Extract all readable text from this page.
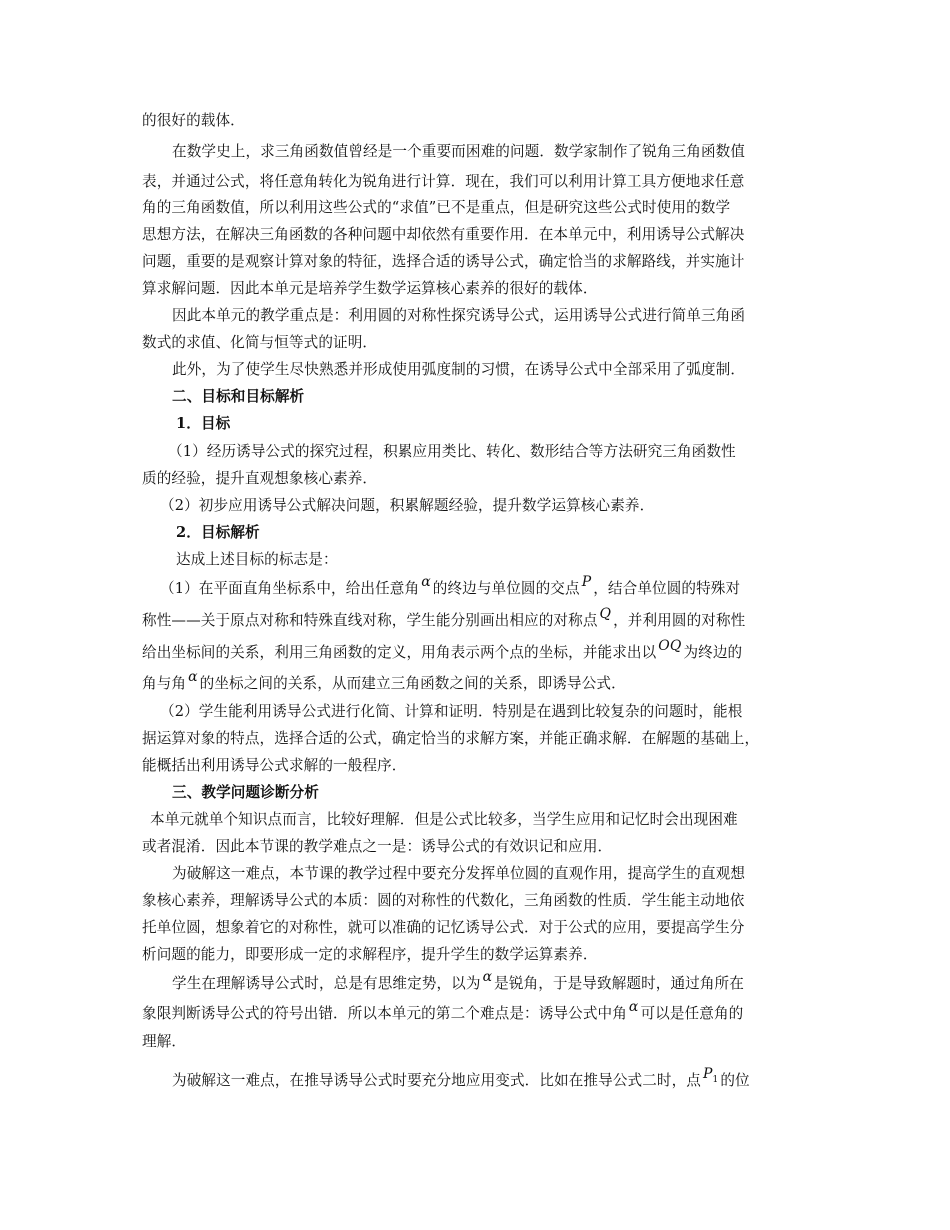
的很好的载体．
在数学史上，求三角函数值曾经是一个重要而困难的问题．数学家制作了锐角三角函数值
表，并通过公式，将任意角转化为锐角进行计算．现在，我们可以利用计算工具方便地求任意
角的三角函数值，所以利用这些公式的“求值”已不是重点，但是研究这些公式时使用的数学
思想方法，在解决三角函数的各种问题中却依然有重要作用．在本单元中，利用诱导公式解决
问题，重要的是观察计算对象的特征，选择合适的诱导公式，确定恰当的求解路线，并实施计
算求解问题．因此本单元是培养学生数学运算核心素养的很好的载体．
因此本单元的教学重点是：利用圆的对称性探究诱导公式，运用诱导公式进行简单三角函
数式的求值、化简与恒等式的证明．
此外，为了使学生尽快熟悉并形成使用弧度制的习惯，在诱导公式中全部采用了弧度制．
二、目标和目标解析
1．目标
（1）经历诱导公式的探究过程，积累应用类比、转化、数形结合等方法研究三角函数性
质的经验，提升直观想象核心素养．
（2）初步应用诱导公式解决问题，积累解题经验，提升数学运算核心素养．
2．目标解析
达成上述目标的标志是：
（1）在平面直角坐标系中，给出任意角 α 的终边与单位圆的交点 P ，结合单位圆的特殊对
称性——关于原点对称和特殊直线对称，学生能分别画出相应的对称点 Q ，并利用圆的对称性
给出坐标间的关系，利用三角函数的定义，用角表示两个点的坐标，并能求出以 OQ 为终边的
角与角 α 的坐标之间的关系，从而建立三角函数之间的关系，即诱导公式．
（2）学生能利用诱导公式进行化简、计算和证明．特别是在遇到比较复杂的问题时，能根
据运算对象的特点，选择合适的公式，确定恰当的求解方案，并能正确求解．在解题的基础上，
能概括出利用诱导公式求解的一般程序．
三、教学问题诊断分析
本单元就单个知识点而言，比较好理解．但是公式比较多，当学生应用和记忆时会出现困难
或者混淆．因此本节课的教学难点之一是：诱导公式的有效识记和应用．
为破解这一难点，本节课的教学过程中要充分发挥单位圆的直观作用，提高学生的直观想
象核心素养，理解诱导公式的本质：圆的对称性的代数化，三角函数的性质．学生能主动地依
托单位圆，想象着它的对称性，就可以准确的记忆诱导公式．对于公式的应用，要提高学生分
析问题的能力，即要形成一定的求解程序，提升学生的数学运算素养．
学生在理解诱导公式时，总是有思维定势，以为 α 是锐角，于是导致解题时，通过角所在
象限判断诱导公式的符号出错．所以本单元的第二个难点是：诱导公式中角 α 可以是任意角的
理解．
为破解这一难点，在推导诱导公式时要充分地应用变式．比如在推导公式二时，点 $P_1$ 的位
